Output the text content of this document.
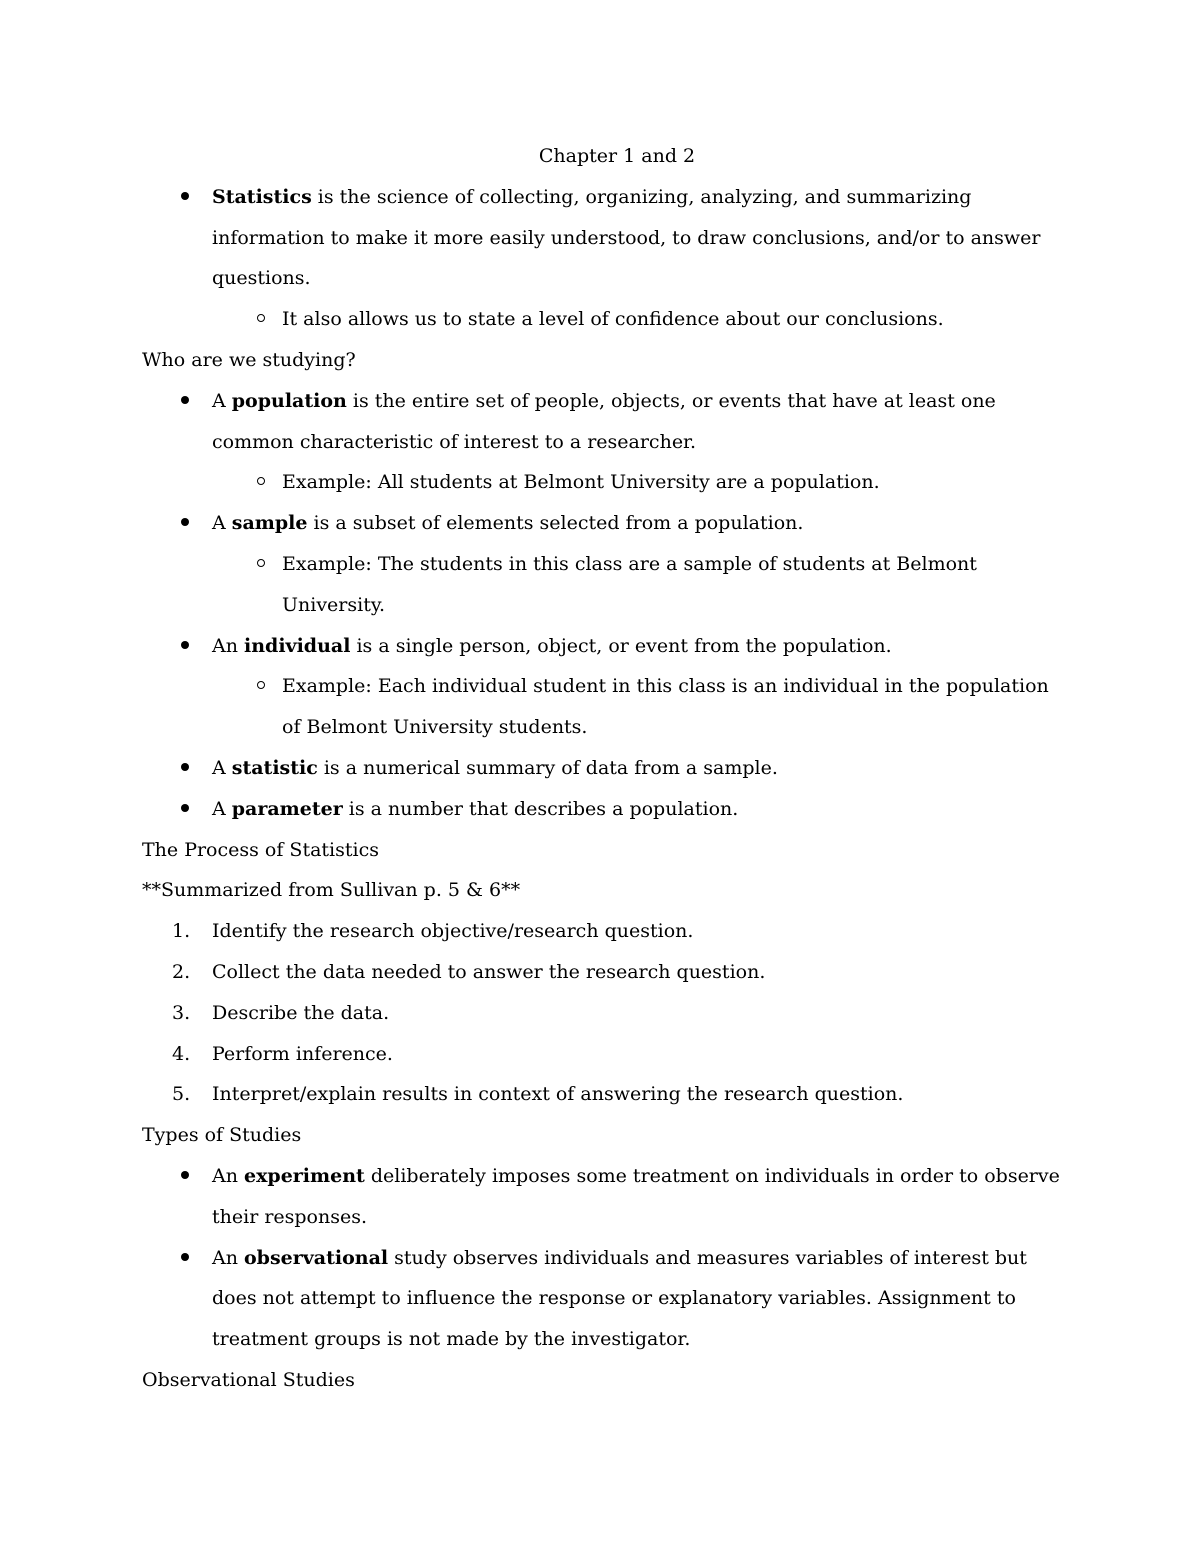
Chapter 1 and 2
Statistics is the science of collecting, organizing, analyzing, and summarizing information to make it more easily understood, to draw conclusions, and/or to answer questions.
It also allows us to state a level of confidence about our conclusions.
Who are we studying?
A population is the entire set of people, objects, or events that have at least one common characteristic of interest to a researcher.
Example: All students at Belmont University are a population.
A sample is a subset of elements selected from a population.
Example: The students in this class are a sample of students at Belmont University.
An individual is a single person, object, or event from the population.
Example: Each individual student in this class is an individual in the population of Belmont University students.
A statistic is a numerical summary of data from a sample.
A parameter is a number that describes a population.
The Process of Statistics

**Summarized from Sullivan p. 5 & 6**

1.	Identify the research objective/research question.
2.	Collect the data needed to answer the research question.
3.	Describe the data.
4.	Perform inference.
5.	Interpret/explain results in context of answering the research question.
Types of Studies
An experiment deliberately imposes some treatment on individuals in order to observe their responses.
An observational study observes individuals and measures variables of interest but does not attempt to influence the response or explanatory variables. Assignment to treatment groups is not made by the investigator.
Observational Studies
